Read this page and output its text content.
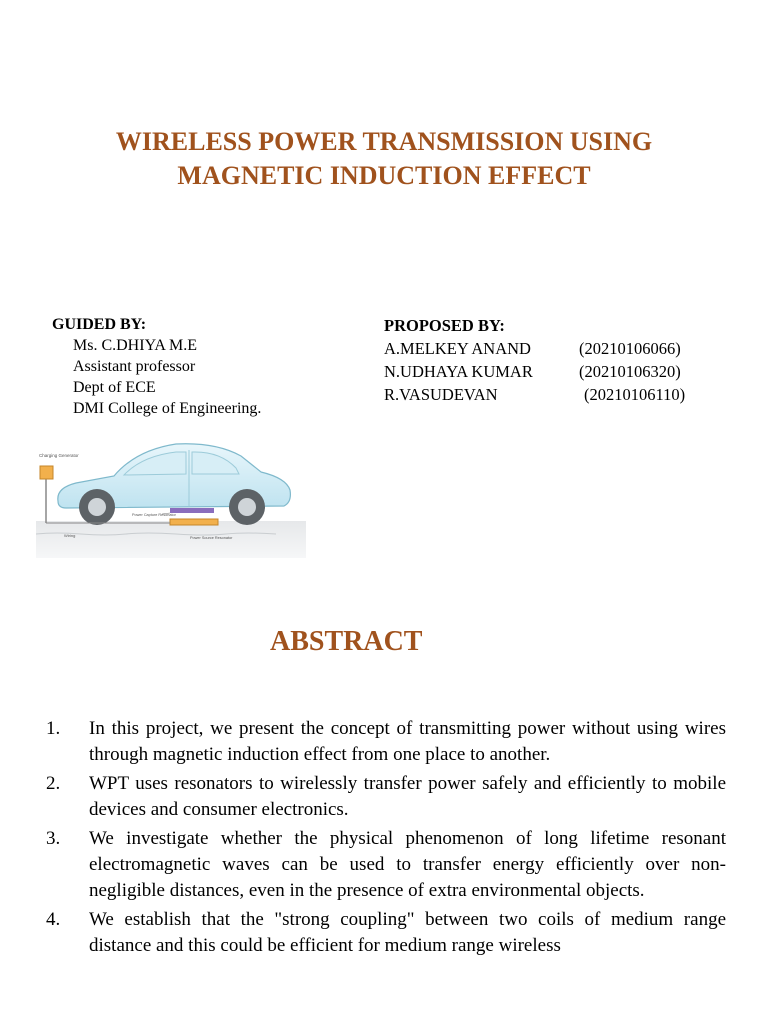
WIRELESS POWER TRANSMISSION USING
MAGNETIC INDUCTION EFFECT
GUIDED BY:
Ms. C.DHIYA M.E
Assistant professor
Dept of ECE
DMI College of Engineering.
PROPOSED BY:
A.MELKEY ANAND	(20210106066)
N.UDHAYA KUMAR	(20210106320)
R.VASUDEVAN	(20210106110)
Charging Generator
Power Capture Resonator
Wiring	Power Source Resonator
ABSTRACT
1.	In this project, we present the concept of transmitting power without using wires through magnetic induction effect from one place to another.
2.	WPT uses resonators to wirelessly transfer power safely and efficiently to mobile devices and consumer electronics.
3.	We investigate whether the physical phenomenon of long lifetime resonant electromagnetic waves can be used to transfer energy efficiently over non-negligible distances, even in the presence of extra environmental objects.
4.	We establish that the "strong coupling" between two coils of medium range distance and this could be efficient for medium range wireless
